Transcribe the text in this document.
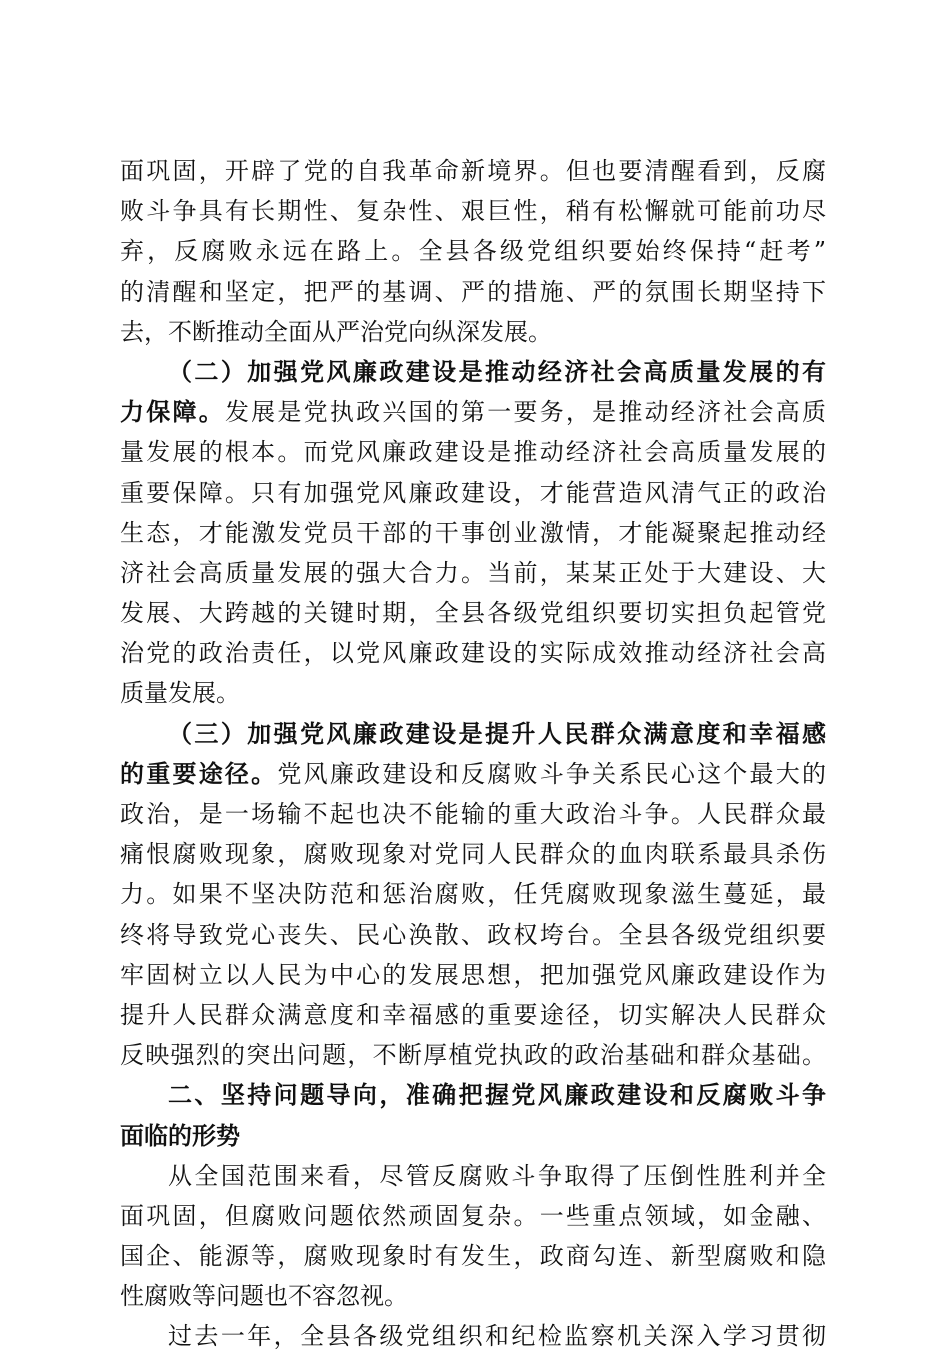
面巩固，开辟了党的自我革命新境界。但也要清醒看到，反腐
败斗争具有长期性、复杂性、艰巨性，稍有松懈就可能前功尽
弃，反腐败永远在路上。全县各级党组织要始终保持“赶考”
的清醒和坚定，把严的基调、严的措施、严的氛围长期坚持下
去，不断推动全面从严治党向纵深发展。
（二）加强党风廉政建设是推动经济社会高质量发展的有
力保障。发展是党执政兴国的第一要务，是推动经济社会高质
量发展的根本。而党风廉政建设是推动经济社会高质量发展的
重要保障。只有加强党风廉政建设，才能营造风清气正的政治
生态，才能激发党员干部的干事创业激情，才能凝聚起推动经
济社会高质量发展的强大合力。当前，某某正处于大建设、大
发展、大跨越的关键时期，全县各级党组织要切实担负起管党
治党的政治责任，以党风廉政建设的实际成效推动经济社会高
质量发展。
（三）加强党风廉政建设是提升人民群众满意度和幸福感
的重要途径。党风廉政建设和反腐败斗争关系民心这个最大的
政治，是一场输不起也决不能输的重大政治斗争。人民群众最
痛恨腐败现象，腐败现象对党同人民群众的血肉联系最具杀伤
力。如果不坚决防范和惩治腐败，任凭腐败现象滋生蔓延，最
终将导致党心丧失、民心涣散、政权垮台。全县各级党组织要
牢固树立以人民为中心的发展思想，把加强党风廉政建设作为
提升人民群众满意度和幸福感的重要途径，切实解决人民群众
反映强烈的突出问题，不断厚植党执政的政治基础和群众基础。
二、坚持问题导向，准确把握党风廉政建设和反腐败斗争
面临的形势
从全国范围来看，尽管反腐败斗争取得了压倒性胜利并全
面巩固，但腐败问题依然顽固复杂。一些重点领域，如金融、
国企、能源等，腐败现象时有发生，政商勾连、新型腐败和隐
性腐败等问题也不容忽视。
过去一年，全县各级党组织和纪检监察机关深入学习贯彻
